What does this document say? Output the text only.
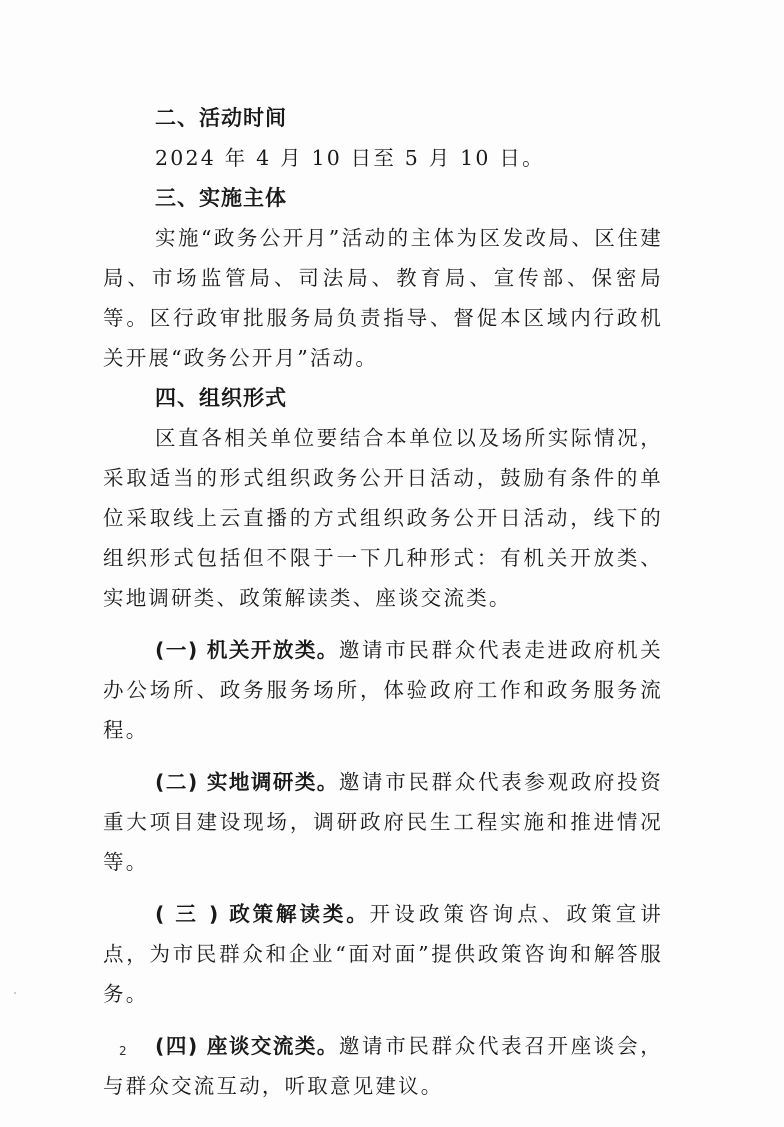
二、活动时间

2024 年 4 月 10 日至 5 月 10 日。

三、实施主体

实施“政务公开月”活动的主体为区发改局、区住建局、市场监管局、司法局、教育局、宣传部、保密局等。区行政审批服务局负责指导、督促本区域内行政机关开展“政务公开月”活动。

四、组织形式

区直各相关单位要结合本单位以及场所实际情况，采取适当的形式组织政务公开日活动，鼓励有条件的单位采取线上云直播的方式组织政务公开日活动，线下的组织形式包括但不限于一下几种形式：有机关开放类、实地调研类、政策解读类、座谈交流类。

(一) 机关开放类。邀请市民群众代表走进政府机关办公场所、政务服务场所，体验政府工作和政务服务流程。

(二) 实地调研类。邀请市民群众代表参观政府投资重大项目建设现场，调研政府民生工程实施和推进情况等。

( 三 ) 政策解读类。开设政策咨询点、政策宣讲点，为市民群众和企业“面对面”提供政策咨询和解答服务。

(四) 座谈交流类。邀请市民群众代表召开座谈会，与群众交流互动，听取意见建议。

2
